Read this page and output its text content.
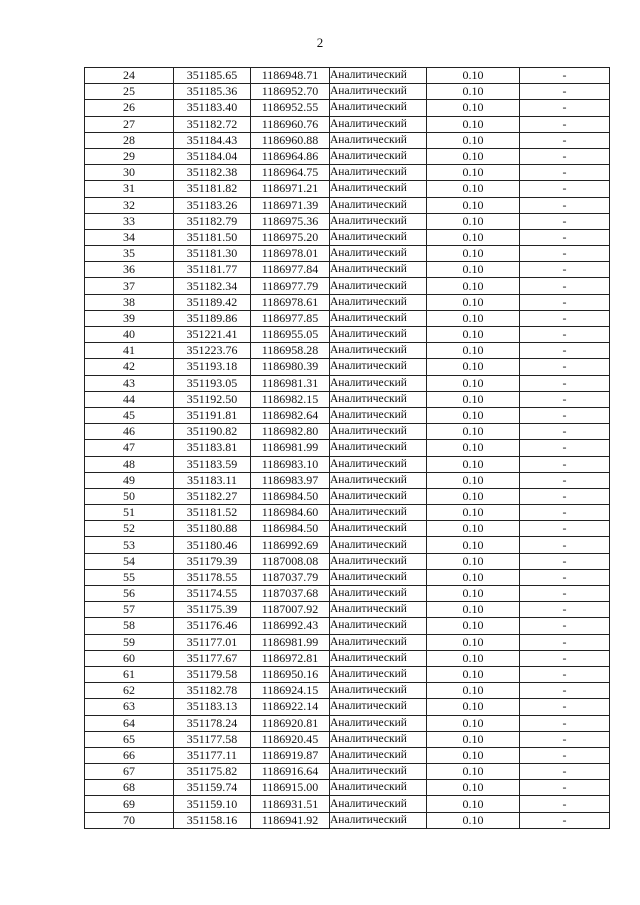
2
24	351185.65	1186948.71	Аналитический	0.10	-
25	351185.36	1186952.70	Аналитический	0.10	-
26	351183.40	1186952.55	Аналитический	0.10	-
27	351182.72	1186960.76	Аналитический	0.10	-
28	351184.43	1186960.88	Аналитический	0.10	-
29	351184.04	1186964.86	Аналитический	0.10	-
30	351182.38	1186964.75	Аналитический	0.10	-
31	351181.82	1186971.21	Аналитический	0.10	-
32	351183.26	1186971.39	Аналитический	0.10	-
33	351182.79	1186975.36	Аналитический	0.10	-
34	351181.50	1186975.20	Аналитический	0.10	-
35	351181.30	1186978.01	Аналитический	0.10	-
36	351181.77	1186977.84	Аналитический	0.10	-
37	351182.34	1186977.79	Аналитический	0.10	-
38	351189.42	1186978.61	Аналитический	0.10	-
39	351189.86	1186977.85	Аналитический	0.10	-
40	351221.41	1186955.05	Аналитический	0.10	-
41	351223.76	1186958.28	Аналитический	0.10	-
42	351193.18	1186980.39	Аналитический	0.10	-
43	351193.05	1186981.31	Аналитический	0.10	-
44	351192.50	1186982.15	Аналитический	0.10	-
45	351191.81	1186982.64	Аналитический	0.10	-
46	351190.82	1186982.80	Аналитический	0.10	-
47	351183.81	1186981.99	Аналитический	0.10	-
48	351183.59	1186983.10	Аналитический	0.10	-
49	351183.11	1186983.97	Аналитический	0.10	-
50	351182.27	1186984.50	Аналитический	0.10	-
51	351181.52	1186984.60	Аналитический	0.10	-
52	351180.88	1186984.50	Аналитический	0.10	-
53	351180.46	1186992.69	Аналитический	0.10	-
54	351179.39	1187008.08	Аналитический	0.10	-
55	351178.55	1187037.79	Аналитический	0.10	-
56	351174.55	1187037.68	Аналитический	0.10	-
57	351175.39	1187007.92	Аналитический	0.10	-
58	351176.46	1186992.43	Аналитический	0.10	-
59	351177.01	1186981.99	Аналитический	0.10	-
60	351177.67	1186972.81	Аналитический	0.10	-
61	351179.58	1186950.16	Аналитический	0.10	-
62	351182.78	1186924.15	Аналитический	0.10	-
63	351183.13	1186922.14	Аналитический	0.10	-
64	351178.24	1186920.81	Аналитический	0.10	-
65	351177.58	1186920.45	Аналитический	0.10	-
66	351177.11	1186919.87	Аналитический	0.10	-
67	351175.82	1186916.64	Аналитический	0.10	-
68	351159.74	1186915.00	Аналитический	0.10	-
69	351159.10	1186931.51	Аналитический	0.10	-
70	351158.16	1186941.92	Аналитический	0.10	-
